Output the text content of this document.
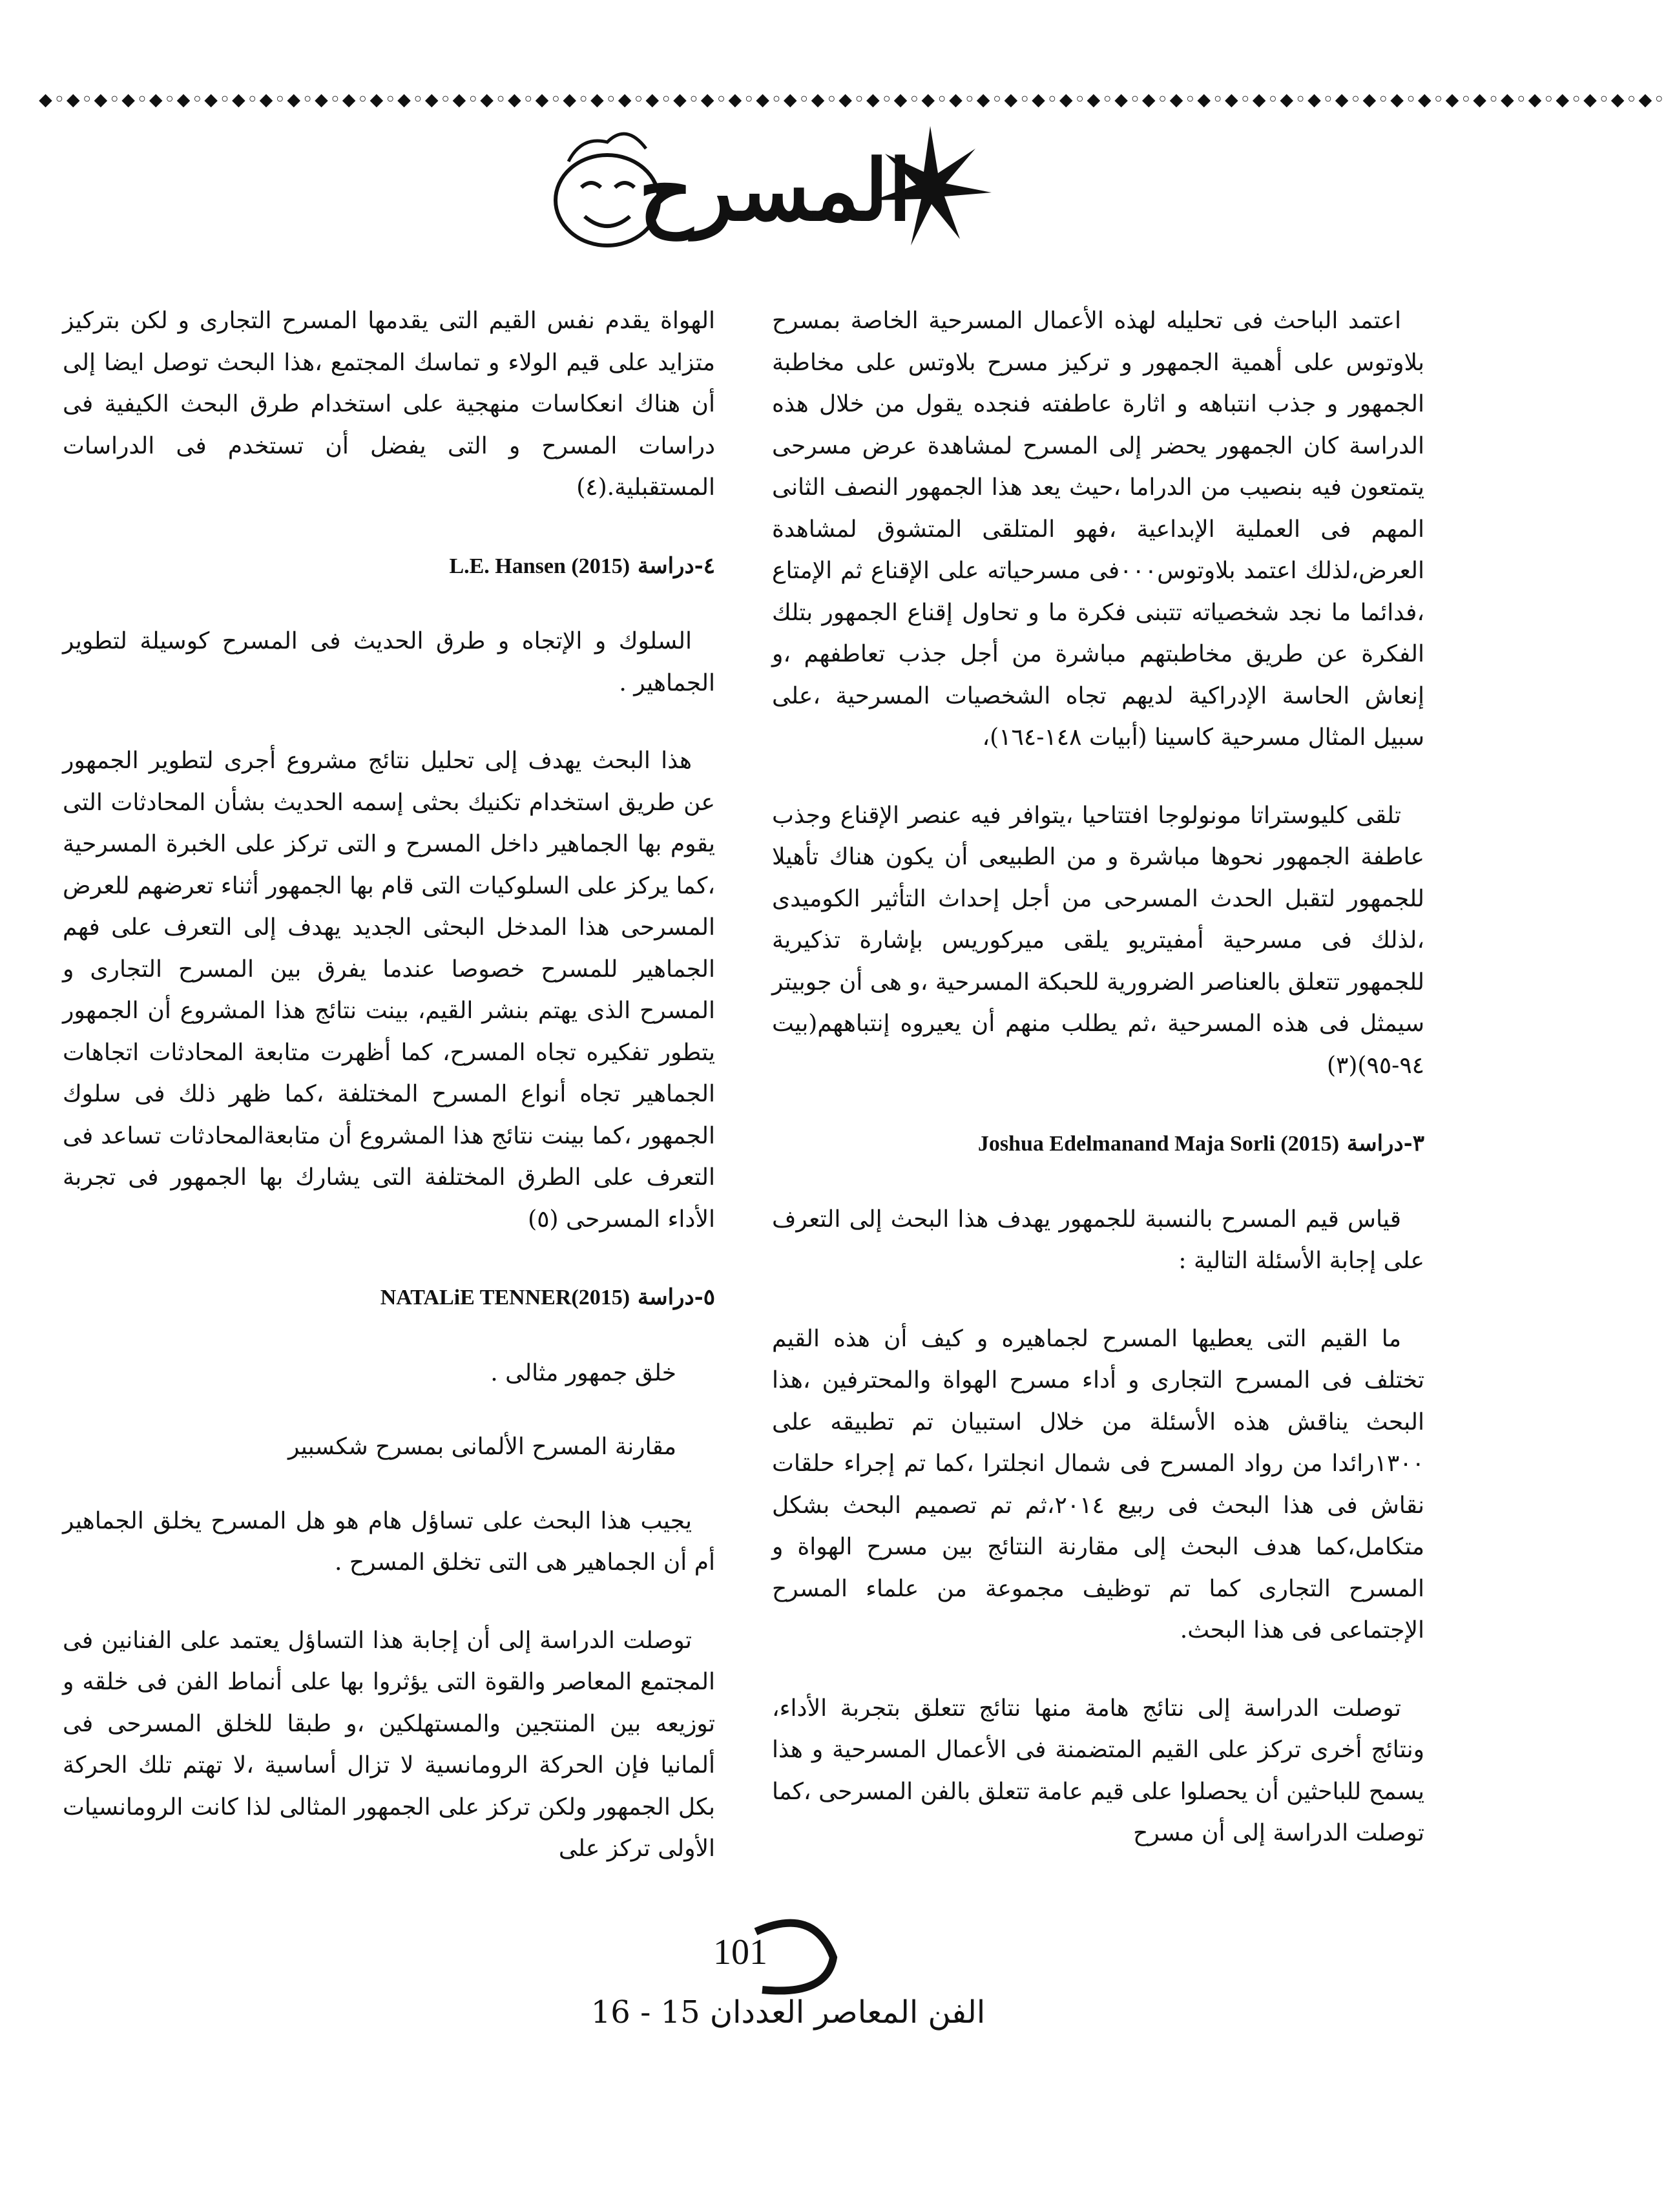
⬥◦⬥◦⬥◦⬥◦⬥◦⬥◦⬥◦⬥◦⬥◦⬥◦⬥◦⬥◦⬥◦⬥◦⬥◦⬥◦⬥◦⬥◦⬥◦⬥◦⬥◦⬥◦⬥◦⬥◦⬥◦⬥◦⬥◦⬥◦⬥◦⬥◦⬥◦⬥◦⬥◦⬥◦⬥◦⬥◦⬥◦⬥◦⬥◦⬥◦⬥◦⬥◦⬥◦⬥◦⬥◦⬥◦⬥◦⬥◦⬥◦⬥◦⬥◦⬥◦⬥◦⬥◦⬥◦⬥◦⬥◦⬥◦⬥◦
المسرح

اعتمد الباحث فى تحليله لهذه الأعمال المسرحية الخاصة بمسرح بلاوتوس على أهمية الجمهور و تركيز مسرح بلاوتس على مخاطبة الجمهور و جذب انتباهه و اثارة عاطفته فنجده يقول من خلال هذه الدراسة كان الجمهور يحضر إلى المسرح لمشاهدة عرض مسرحى يتمتعون فيه بنصيب من الدراما ،حيث يعد هذا الجمهور النصف الثانى المهم فى العملية الإبداعية ،فهو المتلقى المتشوق لمشاهدة العرض،لذلك اعتمد بلاوتوس٠٠٠فى مسرحياته على الإقناع ثم الإمتاع ،فدائما ما نجد شخصياته تتبنى فكرة ما و تحاول إقناع الجمهور بتلك الفكرة عن طريق مخاطبتهم مباشرة من أجل جذب تعاطفهم ،و إنعاش الحاسة الإدراكية لديهم تجاه الشخصيات المسرحية ،على سبيل المثال مسرحية كاسينا (أبيات ١٤٨-١٦٤)،

تلقى كليوستراتا مونولوجا افتتاحيا ،يتوافر فيه عنصر الإقناع وجذب عاطفة الجمهور نحوها مباشرة و من الطبيعى أن يكون هناك تأهيلا للجمهور لتقبل الحدث المسرحى من أجل إحداث التأثير الكوميدى ،لذلك فى مسرحية أمفيتريو يلقى ميركوريس بإشارة تذكيرية للجمهور تتعلق بالعناصر الضرورية للحبكة المسرحية ،و هى أن جوبيتر سيمثل فى هذه المسرحية ،ثم يطلب منهم أن يعيروه إنتباههم(بيت ٩٤-٩٥)(٣)

٣-دراسة Joshua Edelmanand Maja Sorli (2015)

قياس قيم المسرح بالنسبة للجمهور يهدف هذا البحث إلى التعرف على إجابة الأسئلة التالية :

ما القيم التى يعطيها المسرح لجماهيره و كيف أن هذه القيم تختلف فى المسرح التجارى و أداء مسرح الهواة والمحترفين ،هذا البحث يناقش هذه الأسئلة من خلال استبيان تم تطبيقه على ١٣٠٠رائدا من رواد المسرح فى شمال انجلترا ،كما تم إجراء حلقات نقاش فى هذا البحث فى ربيع ٢٠١٤،ثم تم تصميم البحث بشكل متكامل،كما هدف البحث إلى مقارنة النتائج بين مسرح الهواة و المسرح التجارى كما تم توظيف مجموعة من علماء المسرح الإجتماعى فى هذا البحث.

توصلت الدراسة إلى نتائج هامة منها نتائج تتعلق بتجربة الأداء، ونتائج أخرى تركز على القيم المتضمنة فى الأعمال المسرحية و هذا يسمح للباحثين أن يحصلوا على قيم عامة تتعلق بالفن المسرحى ،كما توصلت الدراسة إلى أن مسرح

الهواة يقدم نفس القيم التى يقدمها المسرح التجارى و لكن بتركيز متزايد على قيم الولاء و تماسك المجتمع ،هذا البحث توصل ايضا إلى أن هناك انعكاسات منهجية على استخدام طرق البحث الكيفية فى دراسات المسرح و التى يفضل أن تستخدم فى الدراسات المستقبلية.(٤)

٤-دراسة L.E. Hansen (2015)

السلوك و الإتجاه و طرق الحديث فى المسرح كوسيلة لتطوير الجماهير .

هذا البحث يهدف إلى تحليل نتائج مشروع أجرى لتطوير الجمهور عن طريق استخدام تكنيك بحثى إسمه الحديث بشأن المحادثات التى يقوم بها الجماهير داخل المسرح و التى تركز على الخبرة المسرحية ،كما يركز على السلوكيات التى قام بها الجمهور أثناء تعرضهم للعرض المسرحى هذا المدخل البحثى الجديد يهدف إلى التعرف على فهم الجماهير للمسرح خصوصا عندما يفرق بين المسرح التجارى و المسرح الذى يهتم بنشر القيم، بينت نتائج هذا المشروع أن الجمهور يتطور تفكيره تجاه المسرح، كما أظهرت متابعة المحادثات اتجاهات الجماهير تجاه أنواع المسرح المختلفة ،كما ظهر ذلك فى سلوك الجمهور ،كما بينت نتائج هذا المشروع أن متابعةالمحادثات تساعد فى التعرف على الطرق المختلفة التى يشارك بها الجمهور فى تجربة الأداء المسرحى (٥)

٥-دراسة NATALiE TENNER(2015)

خلق جمهور مثالى .

مقارنة المسرح الألمانى بمسرح شكسبير

يجيب هذا البحث على تساؤل هام هو هل المسرح يخلق الجماهير أم أن الجماهير هى التى تخلق المسرح .

توصلت الدراسة إلى أن إجابة هذا التساؤل يعتمد على الفنانين فى المجتمع المعاصر والقوة التى يؤثروا بها على أنماط الفن فى خلقه و توزيعه بين المنتجين والمستهلكين ،و طبقا للخلق المسرحى فى ألمانيا فإن الحركة الرومانسية لا تزال أساسية ،لا تهتم تلك الحركة بكل الجمهور ولكن تركز على الجمهور المثالى لذا كانت الرومانسيات الأولى تركز على

101
الفن المعاصر العددان 15 - 16
